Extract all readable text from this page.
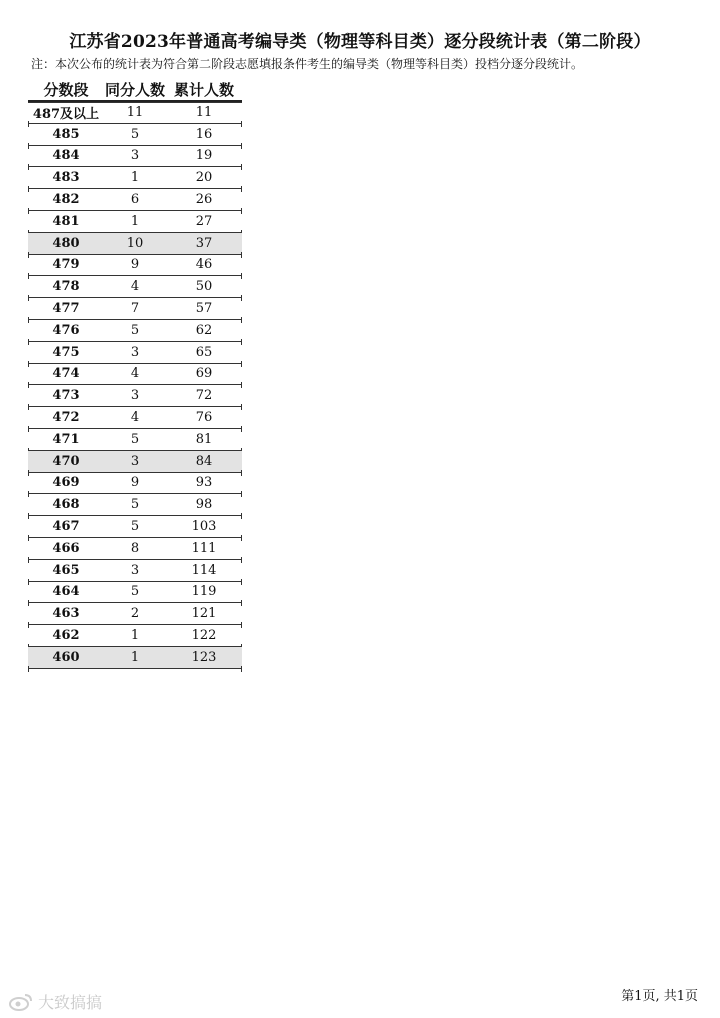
江苏省2023年普通高考编导类（物理等科目类）逐分段统计表（第二阶段）
注：本次公布的统计表为符合第二阶段志愿填报条件考生的编导类（物理等科目类）投档分逐分段统计。
分数段	同分人数 累计人数
487及以上	11	11
485	5	16
484	3	19
483	1	20
482	6	26
481	1	27
480	10	37
479	9	46
478	4	50
477	7	57
476	5	62
475	3	65
474	4	69
473	3	72
472	4	76
471	5	81
470	3	84
469	9	93
468	5	98
467	5	103
466	8	111
465	3	114
464	5	119
463	2	121
462	1	122
460	1	123
第1页, 共1页
大致搞搞
